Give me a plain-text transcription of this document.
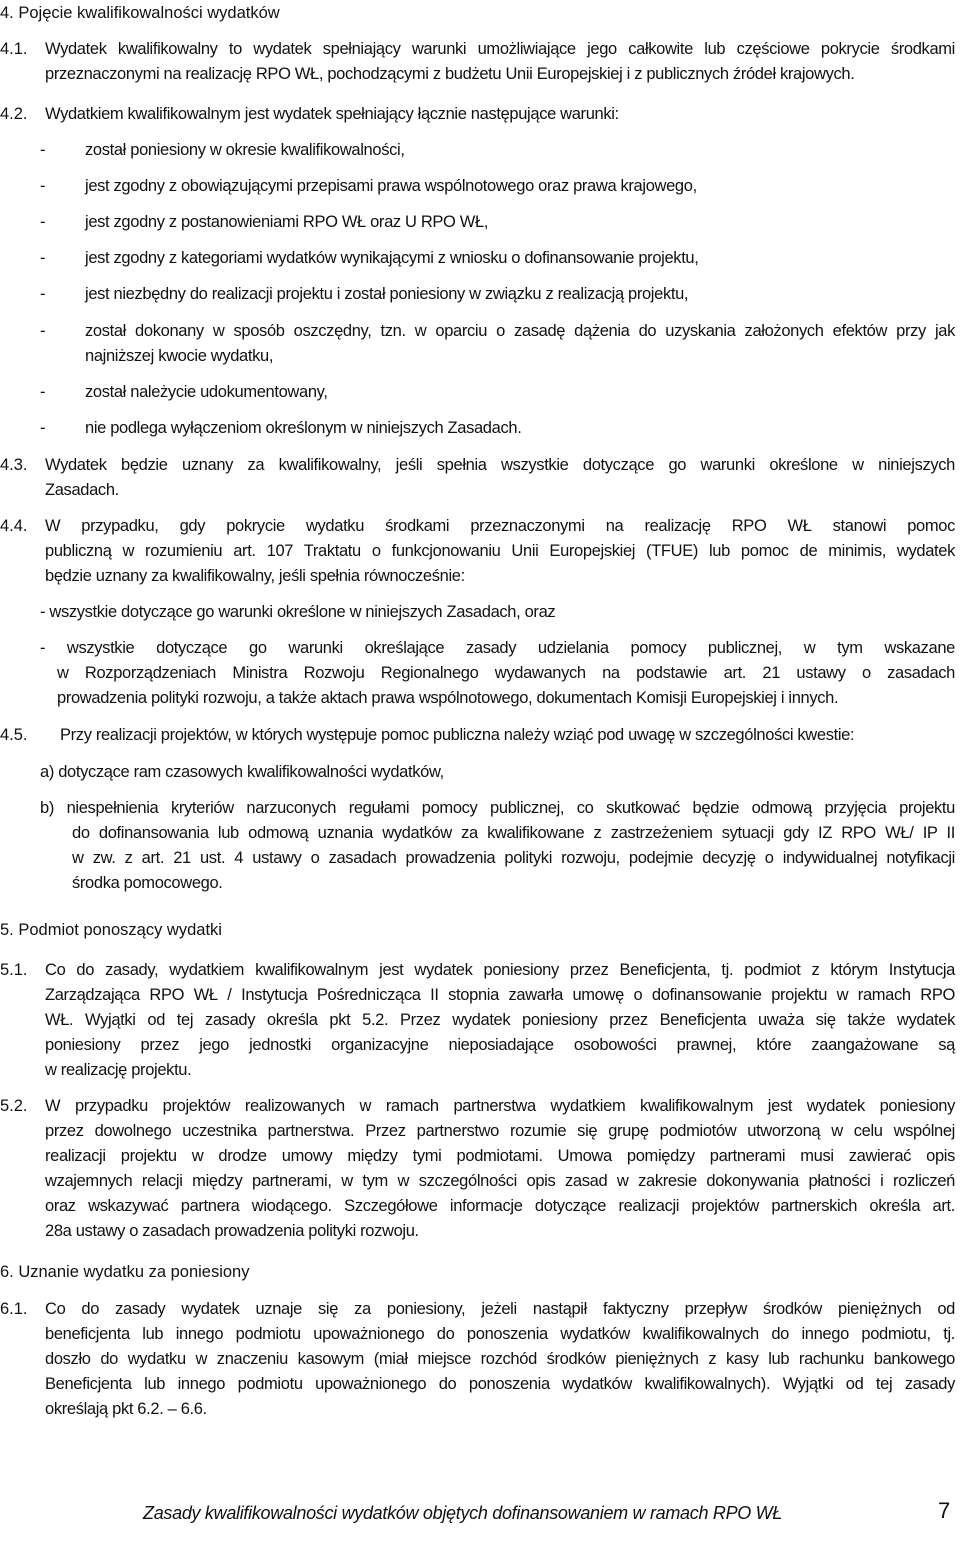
4. Pojęcie kwalifikowalności wydatków
4.1. Wydatek kwalifikowalny to wydatek spełniający warunki umożliwiające jego całkowite lub częściowe pokrycie środkami
przeznaczonymi na realizację RPO WŁ, pochodzącymi z budżetu Unii Europejskiej i z publicznych źródeł krajowych.
4.2. Wydatkiem kwalifikowalnym jest wydatek spełniający łącznie następujące warunki:
- został poniesiony w okresie kwalifikowalności,
- jest zgodny z obowiązującymi przepisami prawa wspólnotowego oraz prawa krajowego,
- jest zgodny z postanowieniami RPO WŁ oraz U RPO WŁ,
- jest zgodny z kategoriami wydatków wynikającymi z wniosku o dofinansowanie projektu,
- jest niezbędny do realizacji projektu i został poniesiony w związku z realizacją projektu,
- został dokonany w sposób oszczędny, tzn. w oparciu o zasadę dążenia do uzyskania założonych efektów przy jak
najniższej kwocie wydatku,
- został należycie udokumentowany,
- nie podlega wyłączeniom określonym w niniejszych Zasadach.
4.3. Wydatek będzie uznany za kwalifikowalny, jeśli spełnia wszystkie dotyczące go warunki określone w niniejszych
Zasadach.
4.4. W przypadku, gdy pokrycie wydatku środkami przeznaczonymi na realizację RPO WŁ stanowi pomoc
publiczną w rozumieniu art. 107 Traktatu o funkcjonowaniu Unii Europejskiej (TFUE) lub pomoc de minimis, wydatek
będzie uznany za kwalifikowalny, jeśli spełnia równocześnie:
- wszystkie dotyczące go warunki określone w niniejszych Zasadach, oraz
- wszystkie dotyczące go warunki określające zasady udzielania pomocy publicznej, w tym wskazane
w Rozporządzeniach Ministra Rozwoju Regionalnego wydawanych na podstawie art. 21 ustawy o zasadach
prowadzenia polityki rozwoju, a także aktach prawa wspólnotowego, dokumentach Komisji Europejskiej i innych.
4.5. Przy realizacji projektów, w których występuje pomoc publiczna należy wziąć pod uwagę w szczególności kwestie:
a) dotyczące ram czasowych kwalifikowalności wydatków,
b) niespełnienia kryteriów narzuconych regułami pomocy publicznej, co skutkować będzie odmową przyjęcia projektu
do dofinansowania lub odmową uznania wydatków za kwalifikowane z zastrzeżeniem sytuacji gdy IZ RPO WŁ/ IP II
w zw. z art. 21 ust. 4 ustawy o zasadach prowadzenia polityki rozwoju, podejmie decyzję o indywidualnej notyfikacji
środka pomocowego.
5. Podmiot ponoszący wydatki
5.1. Co do zasady, wydatkiem kwalifikowalnym jest wydatek poniesiony przez Beneficjenta, tj. podmiot z którym Instytucja
Zarządzająca RPO WŁ / Instytucja Pośrednicząca II stopnia zawarła umowę o dofinansowanie projektu w ramach RPO
WŁ. Wyjątki od tej zasady określa pkt 5.2. Przez wydatek poniesiony przez Beneficjenta uważa się także wydatek
poniesiony przez jego jednostki organizacyjne nieposiadające osobowości prawnej, które zaangażowane są
w realizację projektu.
5.2. W przypadku projektów realizowanych w ramach partnerstwa wydatkiem kwalifikowalnym jest wydatek poniesiony
przez dowolnego uczestnika partnerstwa. Przez partnerstwo rozumie się grupę podmiotów utworzoną w celu wspólnej
realizacji projektu w drodze umowy między tymi podmiotami. Umowa pomiędzy partnerami musi zawierać opis
wzajemnych relacji między partnerami, w tym w szczególności opis zasad w zakresie dokonywania płatności i rozliczeń
oraz wskazywać partnera wiodącego. Szczegółowe informacje dotyczące realizacji projektów partnerskich określa art.
28a ustawy o zasadach prowadzenia polityki rozwoju.
6. Uznanie wydatku za poniesiony
6.1. Co do zasady wydatek uznaje się za poniesiony, jeżeli nastąpił faktyczny przepływ środków pieniężnych od
beneficjenta lub innego podmiotu upoważnionego do ponoszenia wydatków kwalifikowalnych do innego podmiotu, tj.
doszło do wydatku w znaczeniu kasowym (miał miejsce rozchód środków pieniężnych z kasy lub rachunku bankowego
Beneficjenta lub innego podmiotu upoważnionego do ponoszenia wydatków kwalifikowalnych). Wyjątki od tej zasady
określają pkt 6.2. – 6.6.
Zasady kwalifikowalności wydatków objętych dofinansowaniem w ramach RPO WŁ	7
